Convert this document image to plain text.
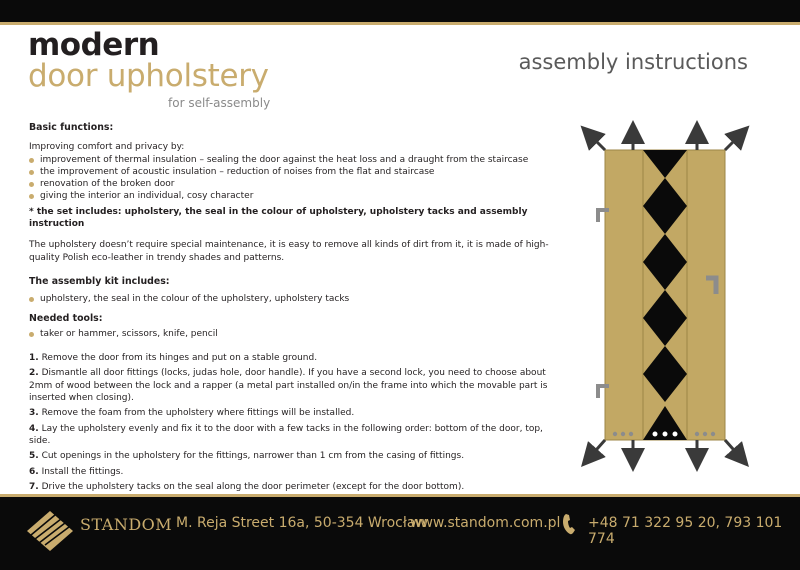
modern
door upholstery
for self-assembly
assembly instructions

Basic functions:

Improving comfort and privacy by:

improvement of thermal insulation – sealing the door against the heat loss and a draught from the staircase
the improvement of acoustic insulation – reduction of noises from the flat and staircase
renovation of the broken door
giving the interior an individual, cosy character

* the set includes: upholstery, the seal in the colour of upholstery, upholstery tacks and assembly instruction

The upholstery doesn’t require special maintenance, it is easy to remove all kinds of dirt from it, it is made of high-quality Polish eco-leather in trendy shades and patterns.

The assembly kit includes:

upholstery, the seal in the colour of the upholstery, upholstery tacks

Needed tools:

taker or hammer, scissors, knife, pencil

1. Remove the door from its hinges and put on a stable ground.

2. Dismantle all door fittings (locks, judas hole, door handle). If you have a second lock, you need to choose about 2mm of wood between the lock and a rapper (a metal part installed on/in the frame into which the movable part is inserted when closing).

3. Remove the foam from the upholstery where fittings will be installed.

4. Lay the upholstery evenly and fix it to the door with a few tacks in the following order: bottom of the door, top, side.

5. Cut openings in the upholstery for the fittings, narrower than 1 cm from the casing of fittings.

6. Install the fittings.

7. Drive the upholstery tacks on the seal along the door perimeter (except for the door bottom).

STANDOM M. Reja Street 16a, 50-354 Wrocław
www.standom.com.pl +48 71 322 95 20, 793 101 774
